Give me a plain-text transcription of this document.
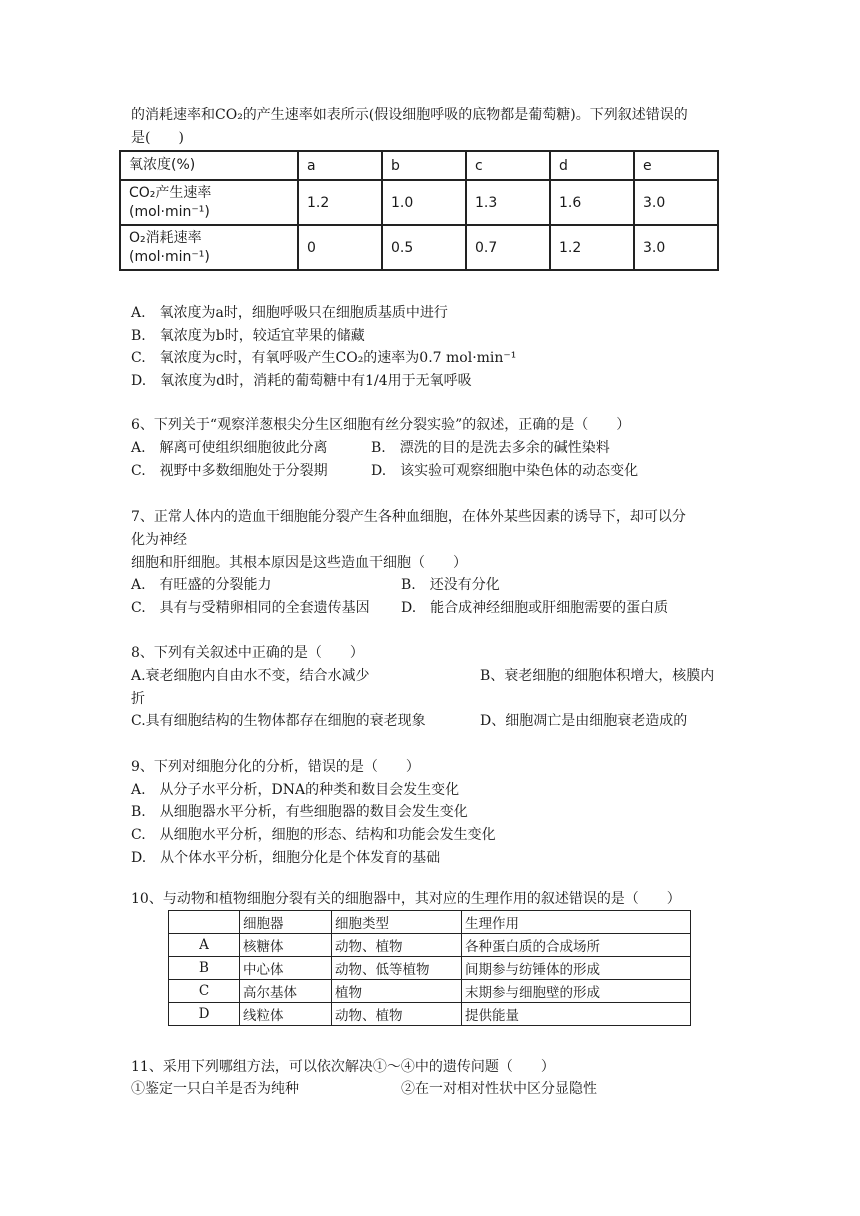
的消耗速率和CO₂的产生速率如表所示(假设细胞呼吸的底物都是葡萄糖)。下列叙述错误的
是(　　)
氧浓度(%)	a	b	c	d	e

CO₂产生速率
(mol·min⁻¹)	1.2	1.0	1.3	1.6	3.0

O₂消耗速率
(mol·min⁻¹)	0	0.5	0.7	1.2	3.0
A.　氧浓度为a时，细胞呼吸只在细胞质基质中进行
B.　氧浓度为b时，较适宜苹果的储藏
C.　氧浓度为c时，有氧呼吸产生CO₂的速率为0.7 mol·min⁻¹
D.　氧浓度为d时，消耗的葡萄糖中有1/4用于无氧呼吸
6、下列关于“观察洋葱根尖分生区细胞有丝分裂实验”的叙述，正确的是（　　）
A.　解离可使组织细胞彼此分离	B.　漂洗的目的是洗去多余的碱性染料
C.　视野中多数细胞处于分裂期	D.　该实验可观察细胞中染色体的动态变化
7、正常人体内的造血干细胞能分裂产生各种血细胞，在体外某些因素的诱导下，却可以分
化为神经
细胞和肝细胞。其根本原因是这些造血干细胞（　　）
A.　有旺盛的分裂能力	B.　还没有分化
C.　具有与受精卵相同的全套遗传基因 D.　能合成神经细胞或肝细胞需要的蛋白质
8、下列有关叙述中正确的是（　　）
A.衰老细胞内自由水不变，结合水减少	B、衰老细胞的细胞体积增大，核膜内
折
C.具有细胞结构的生物体都存在细胞的衰老现象	D、细胞凋亡是由细胞衰老造成的
9、下列对细胞分化的分析，错误的是（　　）
A.　从分子水平分析，DNA的种类和数目会发生变化
B.　从细胞器水平分析，有些细胞器的数目会发生变化
C.　从细胞水平分析，细胞的形态、结构和功能会发生变化
D.　从个体水平分析，细胞分化是个体发育的基础
10、与动物和植物细胞分裂有关的细胞器中，其对应的生理作用的叙述错误的是（　　）
	细胞器	细胞类型	生理作用
A	核糖体	动物、植物	各种蛋白质的合成场所
B	中心体	动物、低等植物	间期参与纺锤体的形成
C	高尔基体	植物	末期参与细胞壁的形成
D	线粒体	动物、植物	提供能量
11、采用下列哪组方法，可以依次解决①～④中的遗传问题（　　）
①鉴定一只白羊是否为纯种	②在一对相对性状中区分显隐性
